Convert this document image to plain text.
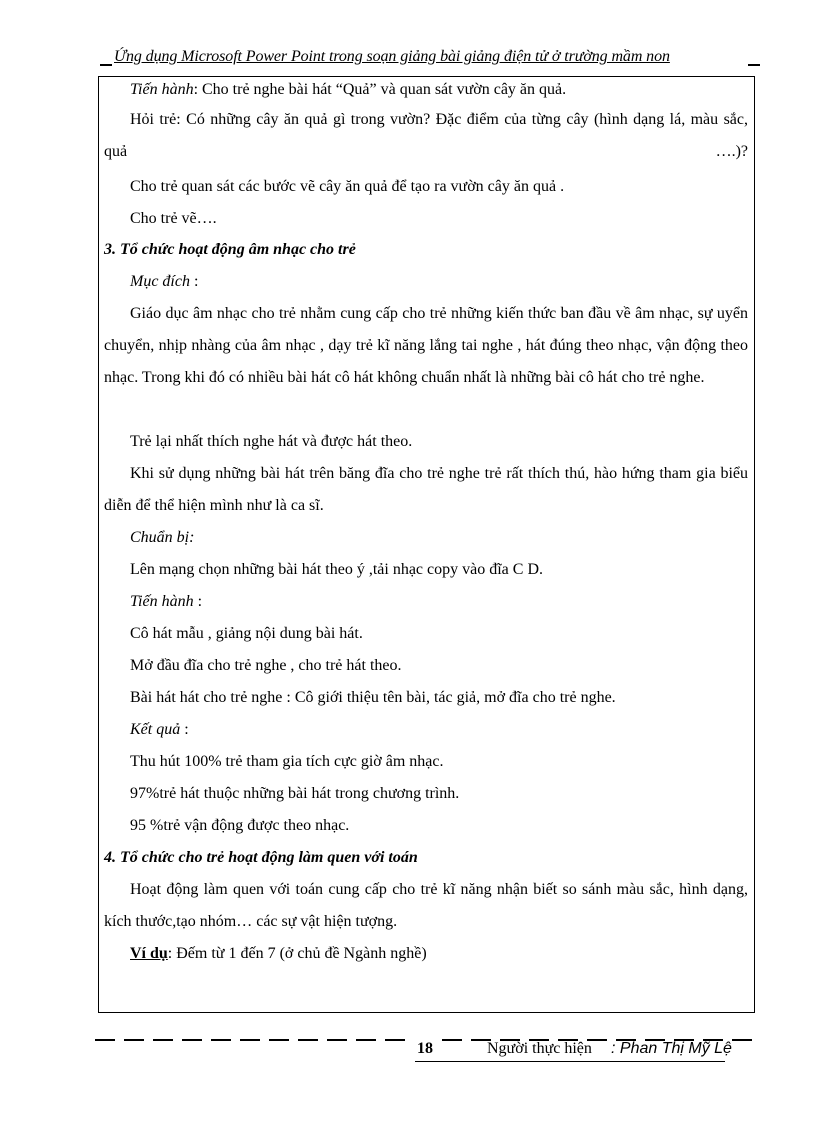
Ứng dụng Microsoft Power Point trong soạn giảng bài giảng điện tử ở trường mầm non
Tiến hành: Cho trẻ nghe bài hát “Quả” và quan sát vườn cây ăn quả.
Hỏi trẻ: Có những cây ăn quả gì trong vườn? Đặc điểm của từng cây (hình dạng lá, màu sắc, quả ….)?
Cho trẻ quan sát các bước vẽ cây ăn quả để tạo ra vườn cây ăn quả .
Cho trẻ vẽ….
3. Tổ chức hoạt động âm nhạc cho trẻ
Mục đích :
Giáo dục âm nhạc cho trẻ nhằm cung cấp cho trẻ những kiến thức ban đầu về âm nhạc, sự uyển chuyển, nhịp nhàng của âm nhạc , dạy trẻ kĩ năng lắng tai nghe , hát đúng theo nhạc, vận động theo nhạc. Trong khi đó có nhiều bài hát cô hát không chuẩn nhất là những bài cô hát cho trẻ nghe.
Trẻ lại nhất thích nghe hát và được hát theo.
Khi sử dụng những bài hát trên băng đĩa cho trẻ nghe trẻ rất thích thú, hào hứng tham gia biểu diễn để thể hiện mình như là ca sĩ.
Chuẩn bị:
Lên mạng chọn những bài hát theo ý ,tải nhạc copy vào đĩa C D.
Tiến hành :
Cô hát mẫu , giảng nội dung bài hát.
Mở đầu đĩa cho trẻ nghe , cho trẻ hát theo.
Bài hát hát cho trẻ nghe : Cô giới thiệu tên bài, tác giả, mở đĩa cho trẻ nghe.
Kết quả :
Thu hút 100% trẻ tham gia tích cực giờ âm nhạc.
97%trẻ hát thuộc những bài hát trong chương trình.
95 %trẻ vận động được theo nhạc.
4. Tổ chức cho trẻ hoạt động làm quen với toán
Hoạt động làm quen với toán cung cấp cho trẻ kĩ năng nhận biết so sánh màu sắc, hình dạng, kích thước,tạo nhóm… các sự vật hiện tượng.
Ví dụ: Đếm từ 1 đến 7 (ở chủ đề Ngành nghề)
18	Người thực hiện : Phan Thị Mỹ Lệ
